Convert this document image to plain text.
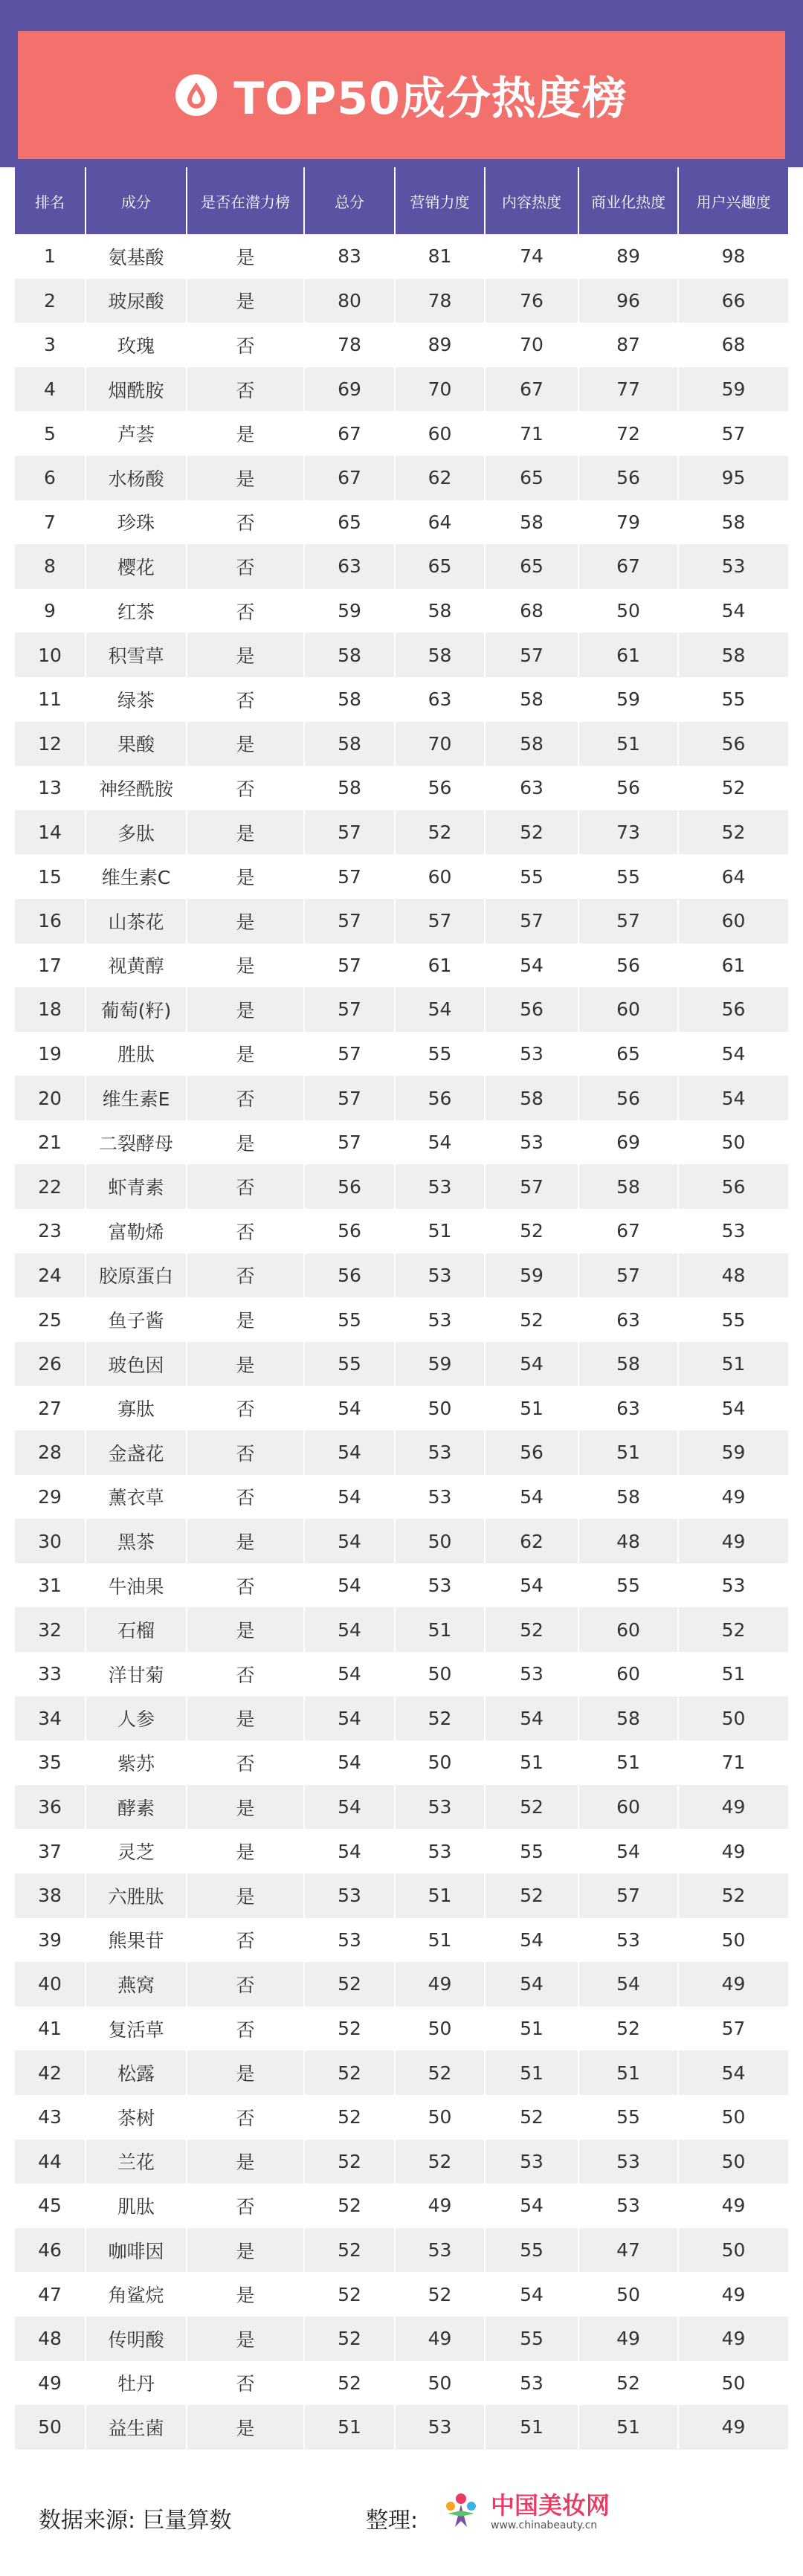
TOP50成分热度榜
排名	成分	是否在潜力榜	总分	营销力度	内容热度	商业化热度	用户兴趣度
1	氨基酸	是	83	81	74	89	98
2	玻尿酸	是	80	78	76	96	66
3	玫瑰	否	78	89	70	87	68
4	烟酰胺	否	69	70	67	77	59
5	芦荟	是	67	60	71	72	57
6	水杨酸	是	67	62	65	56	95
7	珍珠	否	65	64	58	79	58
8	樱花	否	63	65	65	67	53
9	红茶	否	59	58	68	50	54
10	积雪草	是	58	58	57	61	58
11	绿茶	否	58	63	58	59	55
12	果酸	是	58	70	58	51	56
13	神经酰胺	否	58	56	63	56	52
14	多肽	是	57	52	52	73	52
15	维生素C	是	57	60	55	55	64
16	山茶花	是	57	57	57	57	60
17	视黄醇	是	57	61	54	56	61
18	葡萄(籽)	是	57	54	56	60	56
19	胜肽	是	57	55	53	65	54
20	维生素E	否	57	56	58	56	54
21	二裂酵母	是	57	54	53	69	50
22	虾青素	否	56	53	57	58	56
23	富勒烯	否	56	51	52	67	53
24	胶原蛋白	否	56	53	59	57	48
25	鱼子酱	是	55	53	52	63	55
26	玻色因	是	55	59	54	58	51
27	寡肽	否	54	50	51	63	54
28	金盏花	否	54	53	56	51	59
29	薰衣草	否	54	53	54	58	49
30	黑茶	是	54	50	62	48	49
31	牛油果	否	54	53	54	55	53
32	石榴	是	54	51	52	60	52
33	洋甘菊	否	54	50	53	60	51
34	人参	是	54	52	54	58	50
35	紫苏	否	54	50	51	51	71
36	酵素	是	54	53	52	60	49
37	灵芝	是	54	53	55	54	49
38	六胜肽	是	53	51	52	57	52
39	熊果苷	否	53	51	54	53	50
40	燕窝	否	52	49	54	54	49
41	复活草	否	52	50	51	52	57
42	松露	是	52	52	51	51	54
43	茶树	否	52	50	52	55	50
44	兰花	是	52	52	53	53	50
45	肌肽	否	52	49	54	53	49
46	咖啡因	是	52	53	55	47	50
47	角鲨烷	是	52	52	54	50	49
48	传明酸	是	52	49	55	49	49
49	牡丹	否	52	50	53	52	50
50	益生菌	是	51	53	51	51	49
数据来源: 巨量算数	整理:
中国美妆网
www.chinabeauty.cn
